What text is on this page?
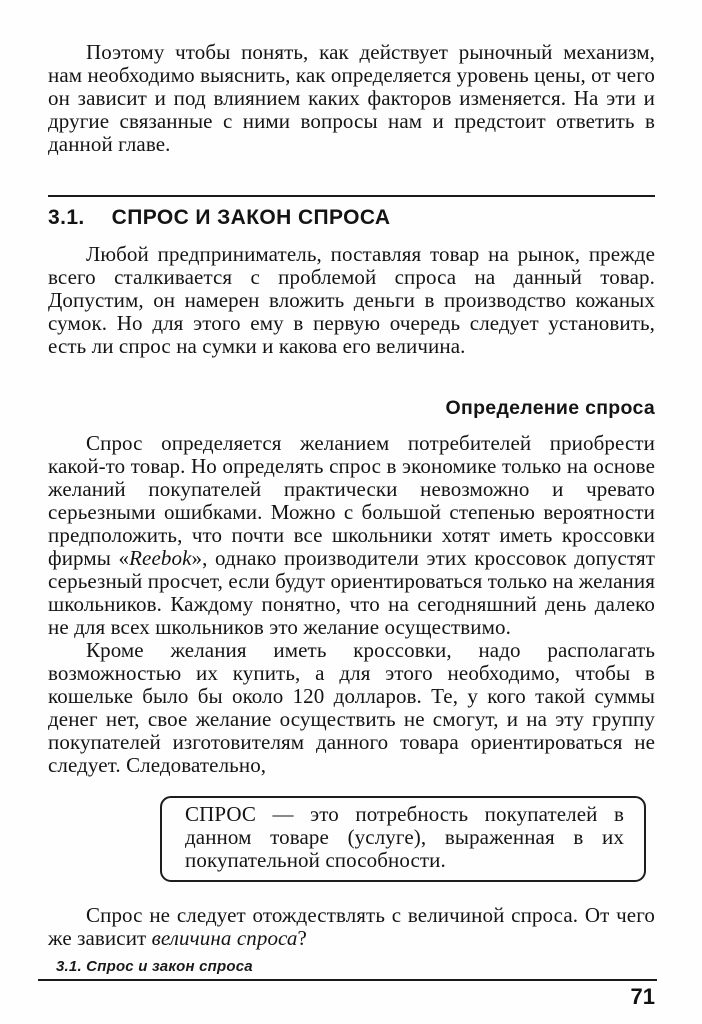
Поэтому чтобы понять, как действует рыночный механизм, нам необходимо выяснить, как определяется уровень цены, от чего он зависит и под влиянием каких факторов изменяется. На эти и другие связанные с ними вопросы нам и предстоит ответить в данной главе.

3.1. СПРОС И ЗАКОН СПРОСА

Любой предприниматель, поставляя товар на рынок, прежде всего сталкивается с проблемой спроса на данный товар. Допустим, он намерен вложить деньги в производство кожаных сумок. Но для этого ему в первую очередь следует установить, есть ли спрос на сумки и какова его величина.

Определение спроса

Спрос определяется желанием потребителей приобрести какой-то товар. Но определять спрос в экономике только на основе желаний покупателей практически невозможно и чревато серьезными ошибками. Можно с большой степенью вероятности предположить, что почти все школьники хотят иметь кроссовки фирмы «Reebok», однако производители этих кроссовок допустят серьезный просчет, если будут ориентироваться только на желания школьников. Каждому понятно, что на сегодняшний день далеко не для всех школьников это желание осуществимо.

Кроме желания иметь кроссовки, надо располагать возможностью их купить, а для этого необходимо, чтобы в кошельке было бы около 120 долларов. Те, у кого такой суммы денег нет, свое желание осуществить не смогут, и на эту группу покупателей изготовителям данного товара ориентироваться не следует. Следовательно,

СПРОС — это потребность покупателей в данном товаре (услуге), выраженная в их покупательной способности.

Спрос не следует отождествлять с величиной спроса. От чего же зависит величина спроса?

3.1. Спрос и закон спроса
71
